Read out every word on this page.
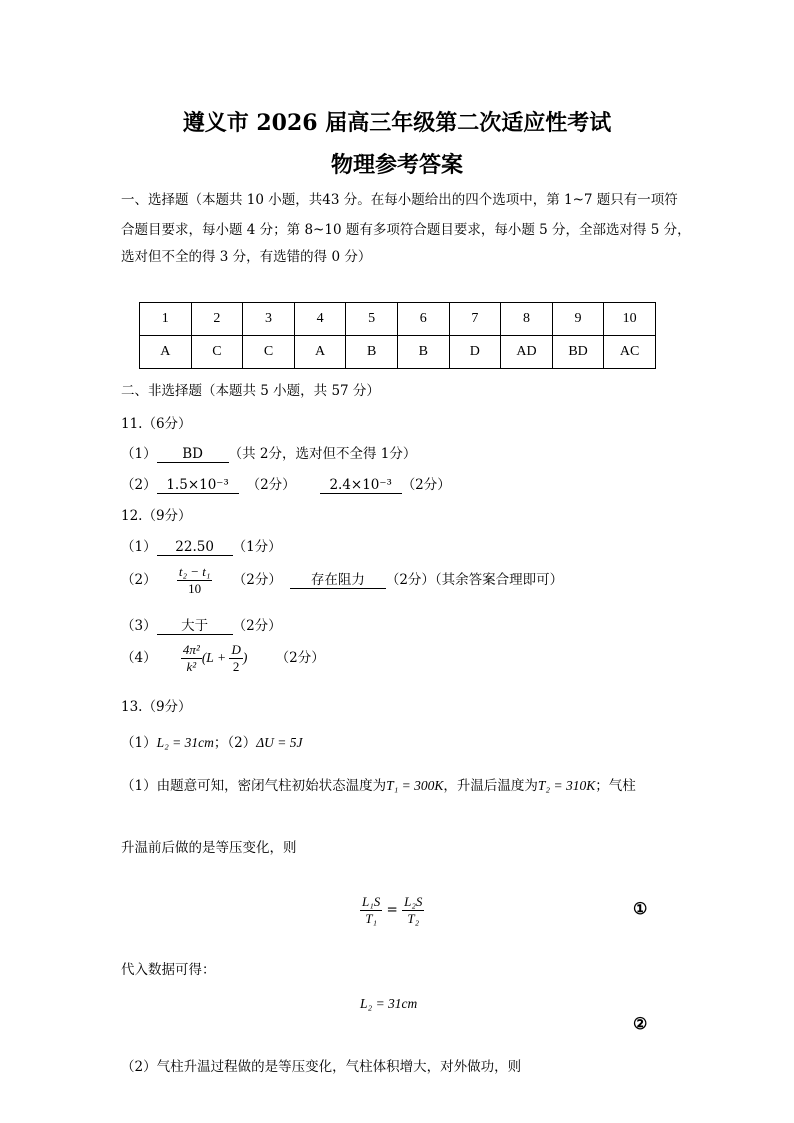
遵义市 2026 届高三年级第二次适应性考试
物理参考答案
一、选择题（本题共 10 小题，共43 分。在每小题给出的四个选项中，第 1~7 题只有一项符
合题目要求，每小题 4 分；第 8~10 题有多项符合题目要求，每小题 5 分，全部选对得 5 分，
选对但不全的得 3 分，有选错的得 0 分）
1	2	3	4	5	6	7	8	9	10
A	C	C	A	B	B	D	AD	BD	AC
二、非选择题（本题共 5 小题，共 57 分）
11.（6分）
（1） BD （共 2分，选对但不全得 1分）
（2） 1.5×10⁻³ （2分）	2.4×10⁻³ （2分）
12.（9分）
（1） 22.50 （1分）
$(2) \frac{\text{t₂ − t₁}}{10} (2$分） 存在阻力 （2分）（其余答案合理即可）
（3） 大于 （2分）
$(4) \frac{\text{4π²}}{\text{k²}} (L + \frac{D}{2}$ ) （2分）
13.（9分）
（1）L₂ = 31cm；（2）ΔU = 5J
（1）由题意可知，密闭气柱初始状态温度为T₁ = 300K，升温后温度为T₂ = 310K；气柱
升温前后做的是等压变化，则
$\frac{\text{L₁S}}{\text{T₁}} = \frac{\text{L₂S}}{\text{T₂}}$	①
代入数据可得：
L₂ = 31cm
②
（2）气柱升温过程做的是等压变化，气柱体积增大，对外做功，则
